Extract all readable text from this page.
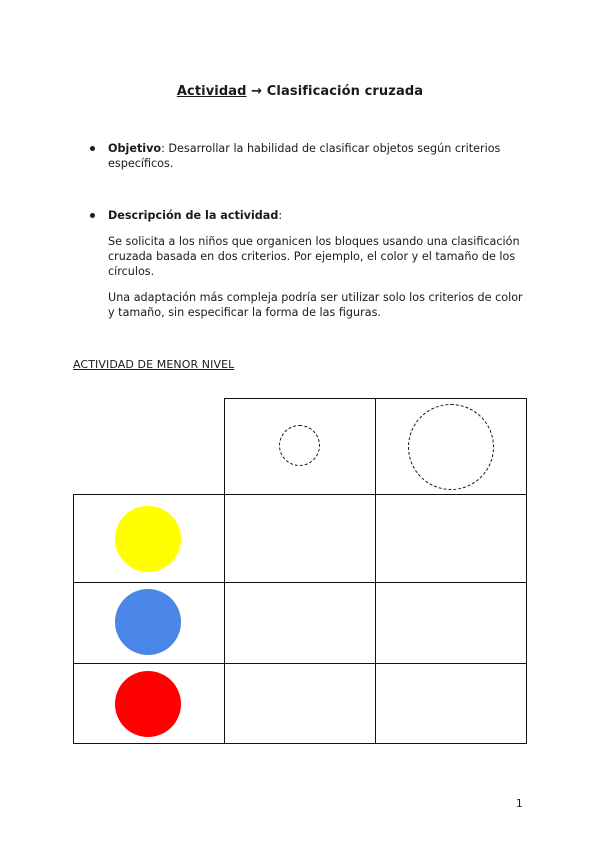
Actividad → Clasificación cruzada
Objetivo: Desarrollar la habilidad de clasificar objetos según criterios específicos.
Descripción de la actividad:
Se solicita a los niños que organicen los bloques usando una clasificación cruzada basada en dos criterios. Por ejemplo, el color y el tamaño de los círculos.
Una adaptación más compleja podría ser utilizar solo los criterios de color y tamaño, sin especificar la forma de las figuras.
ACTIVIDAD DE MENOR NIVEL
1
